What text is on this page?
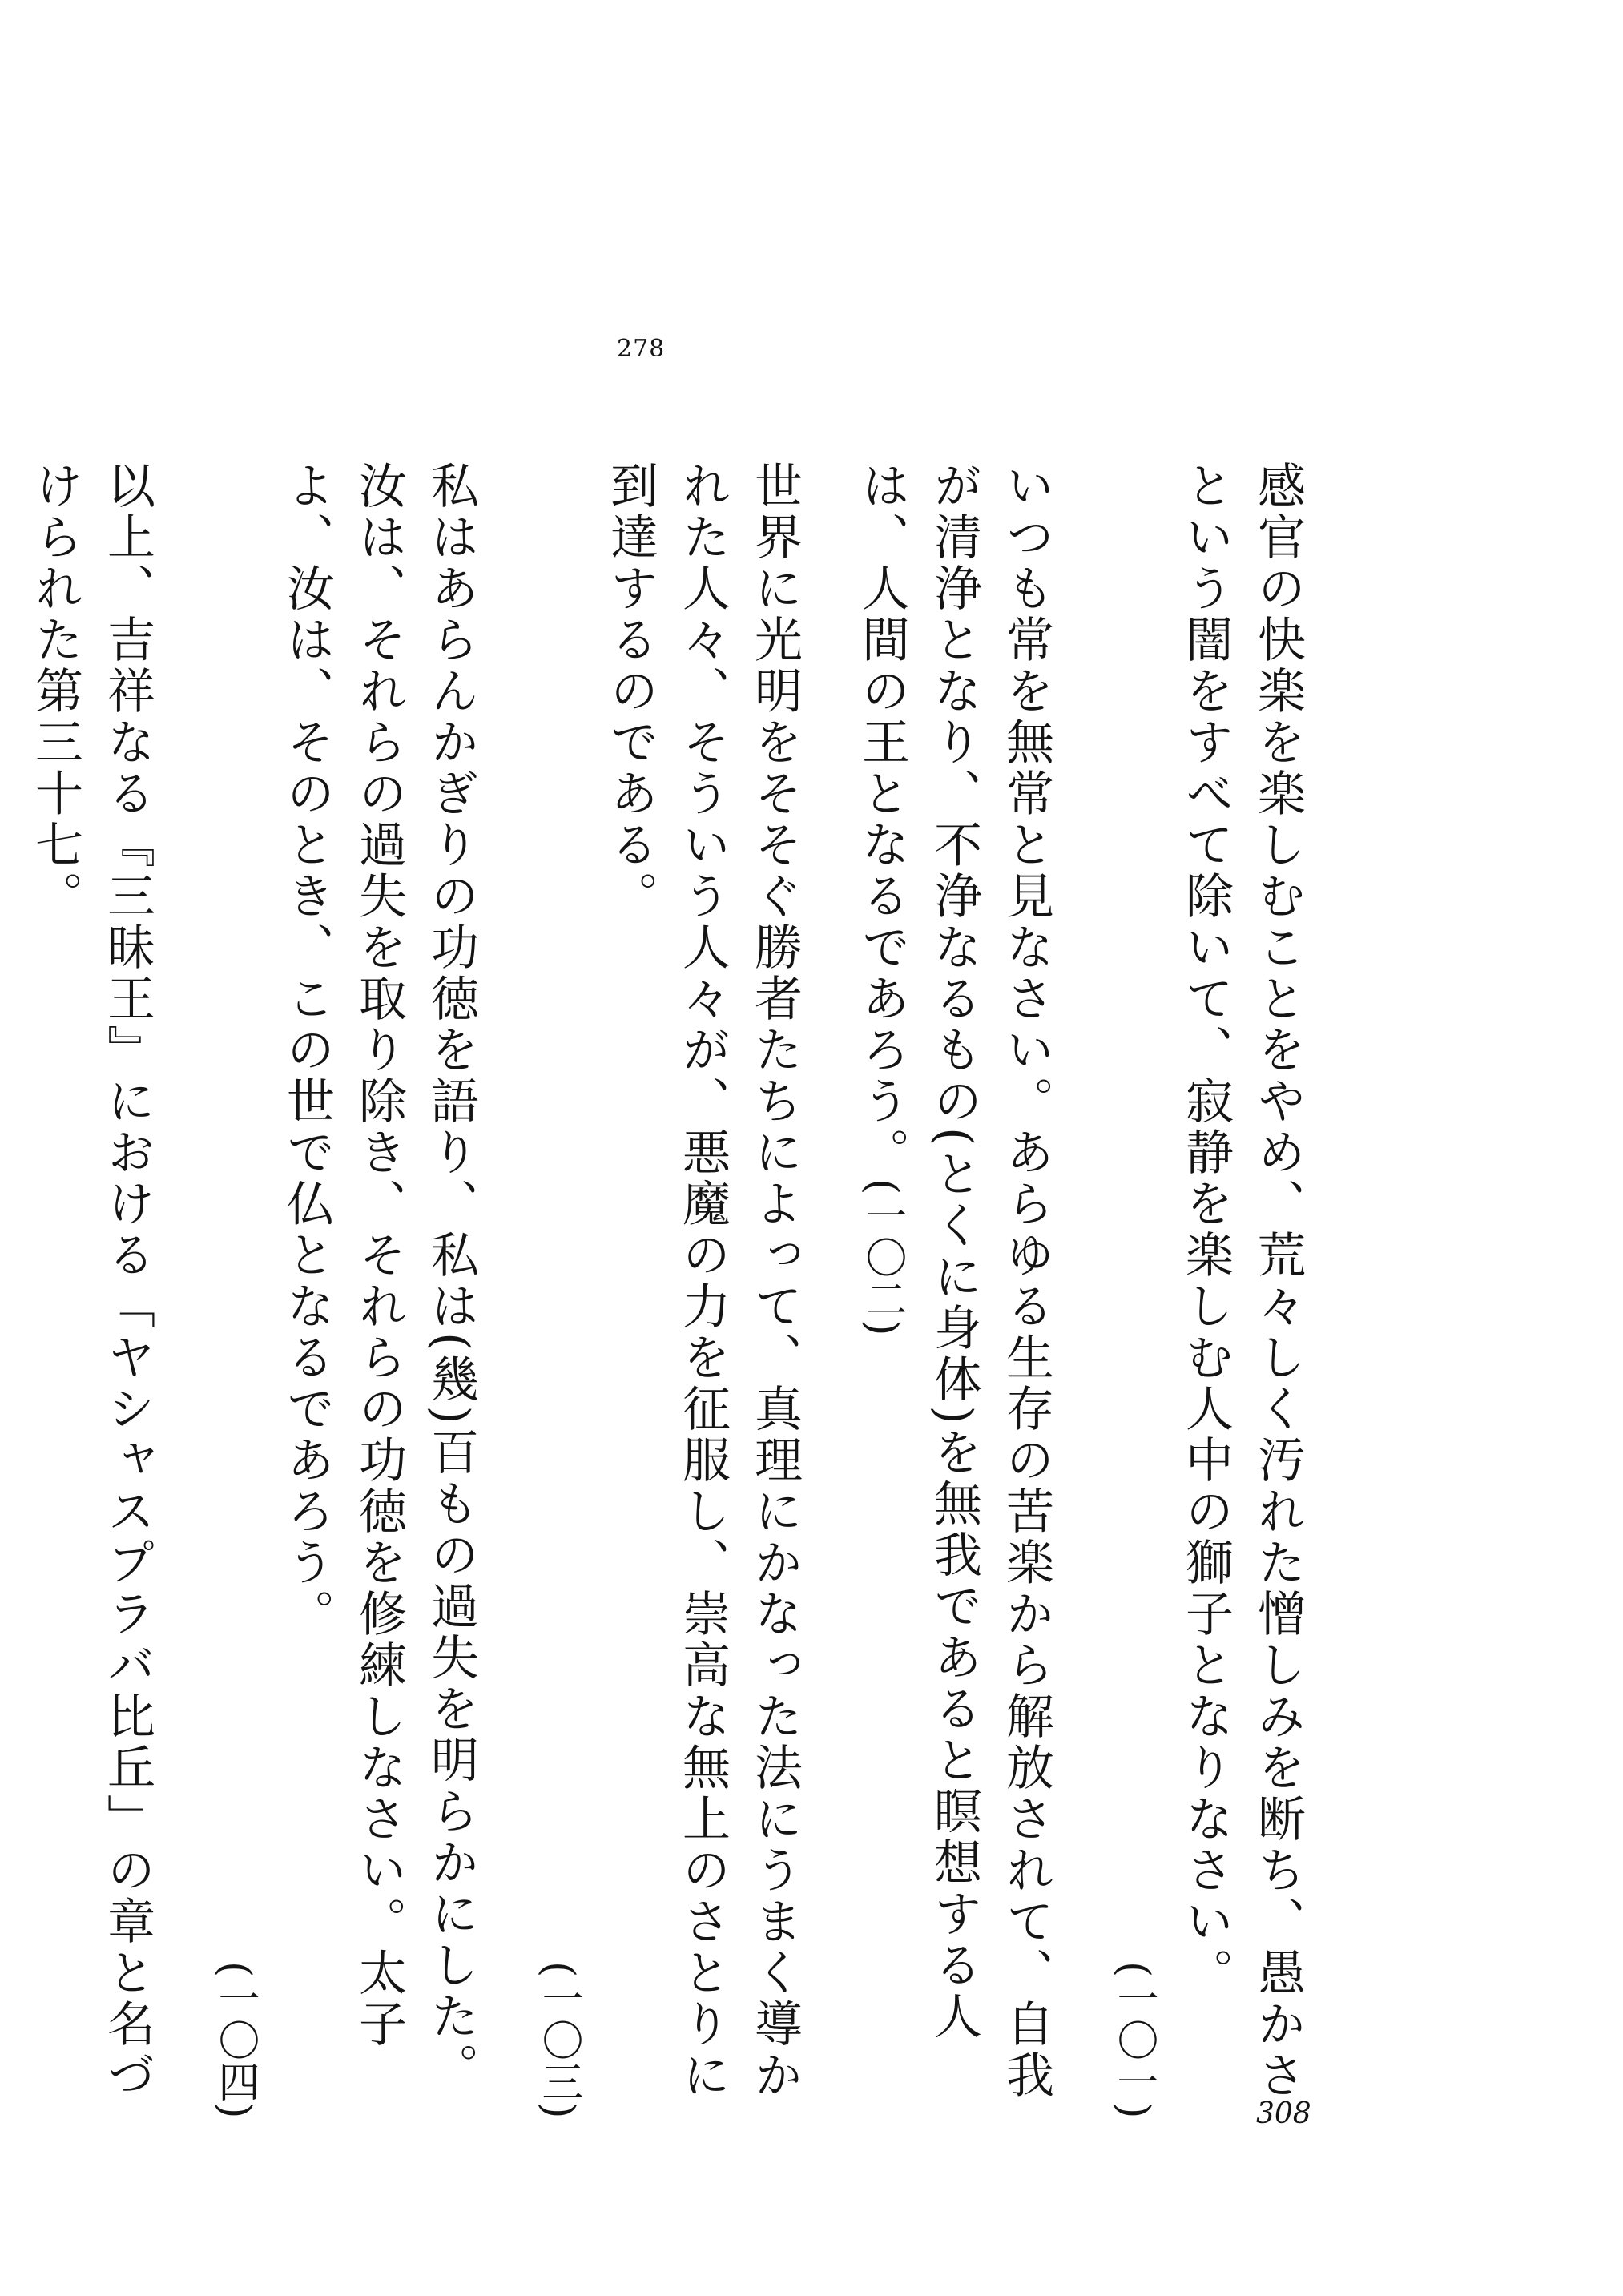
278
感官の快楽を楽しむことをやめ、荒々しく汚れた憎しみを断ち、愚かさという闇をすべて除いて、寂静を楽しむ人中の獅子となりなさい。
(一〇一)
いつも常を無常と見なさい。あらゆる生存の苦楽から解放されて、自我が清浄となり、不浄なるもの(とくに身体)を無我であると瞑想する人は、人間の王となるであろう。(一〇二)
世界に光明をそそぐ勝者たちによって、真理にかなった法にうまく導かれた人々、そういう人々が、悪魔の力を征服し、崇高な無上のさとりに到達するのである。
(一〇三)
私はあらんかぎりの功徳を語り、私は(幾)百もの過失を明らかにした。汝は、それらの過失を取り除き、それらの功徳を修練しなさい。太子よ、汝は、そのとき、この世で仏となるであろう。
(一〇四)
以上、吉祥なる『三昧王』における「ヤシャスプラバ比丘」の章と名づけられた第三十七。
308
